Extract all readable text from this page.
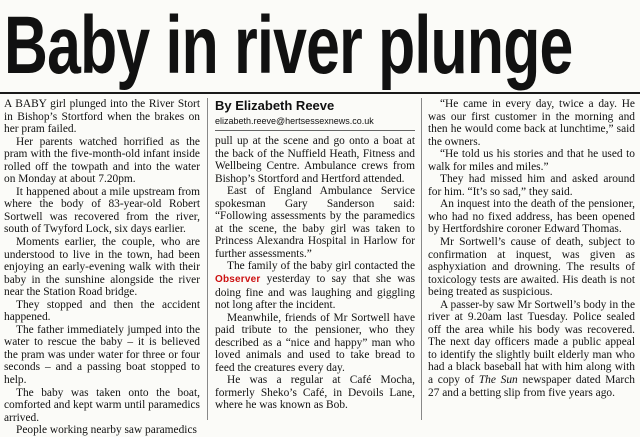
Baby in river plunge

A BABY girl plunged into the River Stort in Bishop’s Stortford when the brakes on her pram failed.

Her parents watched horrified as the pram with the five-month-old infant inside rolled off the towpath and into the water on Monday at about 7.20pm.

It happened about a mile upstream from where the body of 83-year-old Robert Sortwell was recovered from the river, south of Twyford Lock, six days earlier.

Moments earlier, the couple, who are understood to live in the town, had been enjoying an early-evening walk with their baby in the sunshine alongside the river near the Station Road bridge.

They stopped and then the accident happened.

The father immediately jumped into the water to rescue the baby – it is believed the pram was under water for three or four seconds – and a passing boat stopped to help.

The baby was taken onto the boat, comforted and kept warm until paramedics arrived.

People working nearby saw paramedics

By Elizabeth Reeve

elizabeth.reeve@hertsessexnews.co.uk

pull up at the scene and go onto a boat at the back of the Nuffield Heath, Fitness and Wellbeing Centre. Ambulance crews from Bishop’s Stortford and Hertford attended.

East of England Ambulance Service spokesman Gary Sanderson said: “Following assessments by the paramedics at the scene, the baby girl was taken to Princess Alexandra Hospital in Harlow for further assessments.”

The family of the baby girl contacted the Observer yesterday to say that she was doing fine and was laughing and giggling not long after the incident.

Meanwhile, friends of Mr Sortwell have paid tribute to the pensioner, who they described as a “nice and happy” man who loved animals and used to take bread to feed the creatures every day.

He was a regular at Café Mocha, formerly Sheko’s Café, in Devoils Lane, where he was known as Bob.

“He came in every day, twice a day. He was our first customer in the morning and then he would come back at lunchtime,” said the owners.

“He told us his stories and that he used to walk for miles and miles.”

They had missed him and asked around for him. “It’s so sad,” they said.

An inquest into the death of the pensioner, who had no fixed address, has been opened by Hertfordshire coroner Edward Thomas.

Mr Sortwell’s cause of death, subject to confirmation at inquest, was given as asphyxiation and drowning. The results of toxicology tests are awaited. His death is not being treated as suspicious.

A passer-by saw Mr Sortwell’s body in the river at 9.20am last Tuesday. Police sealed off the area while his body was recovered. The next day officers made a public appeal to identify the slightly built elderly man who had a black baseball hat with him along with a copy of The Sun newspaper dated March 27 and a betting slip from five years ago.
